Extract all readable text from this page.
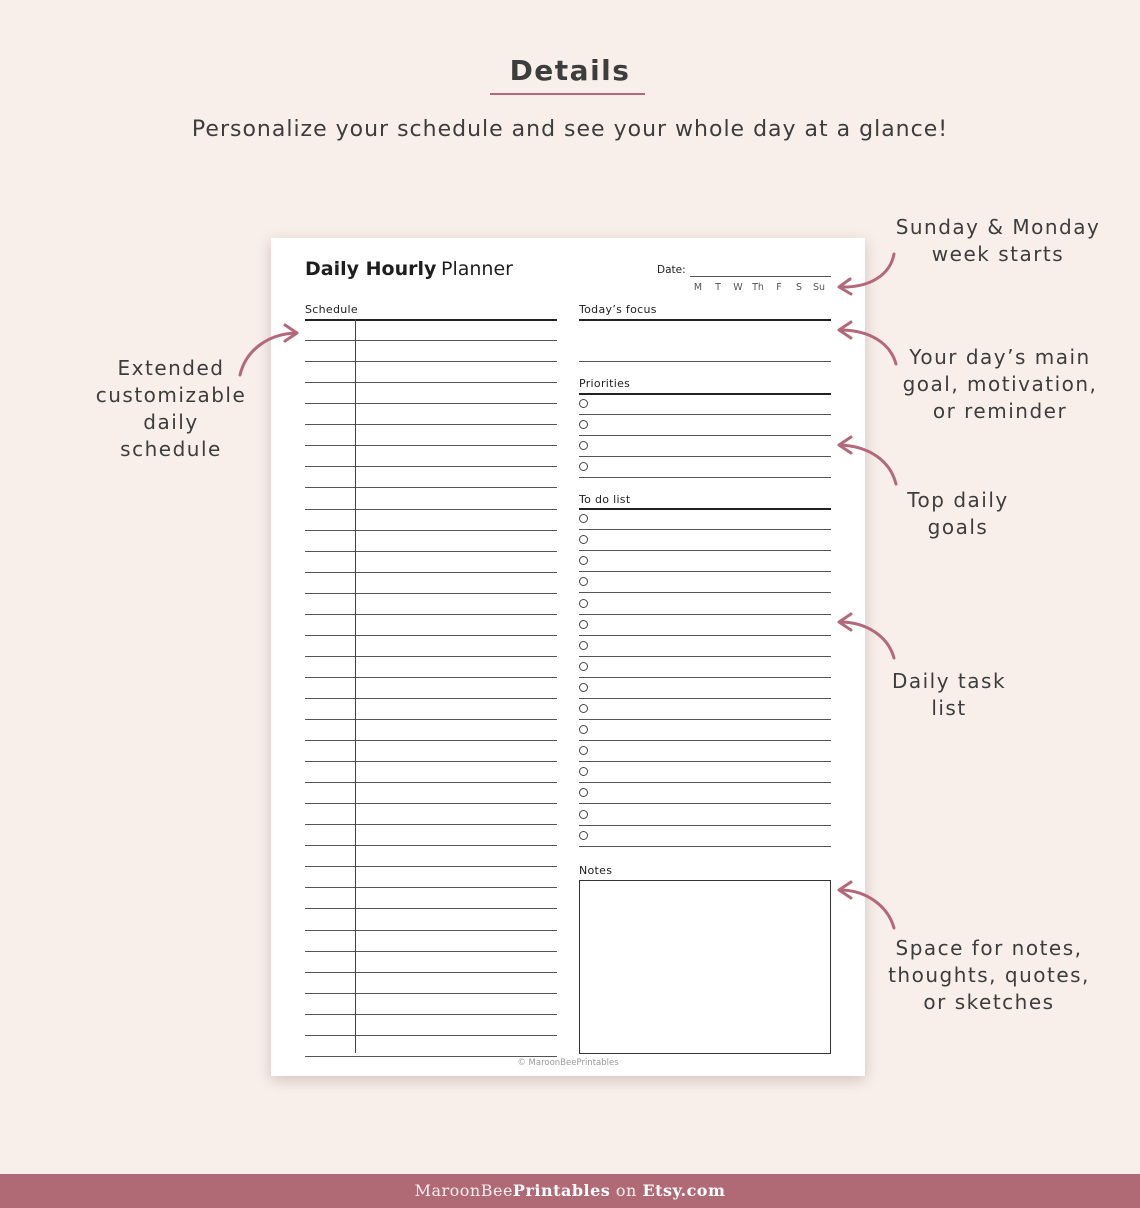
Details
Personalize your schedule and see your whole day at a glance!
Daily Hourly Planner	Date:
M	T	W Th	F	S	Su
Schedule	Today’s focus
Priorities
To do list
Notes
© MaroonBeePrintables
Sunday & Monday
week starts
Extended
customizable
daily
schedule
Your day’s main
goal, motivation,
or reminder
Top daily
goals
Daily task
list
Space for notes,
thoughts, quotes,
or sketches
MaroonBeePrintables on Etsy.com
